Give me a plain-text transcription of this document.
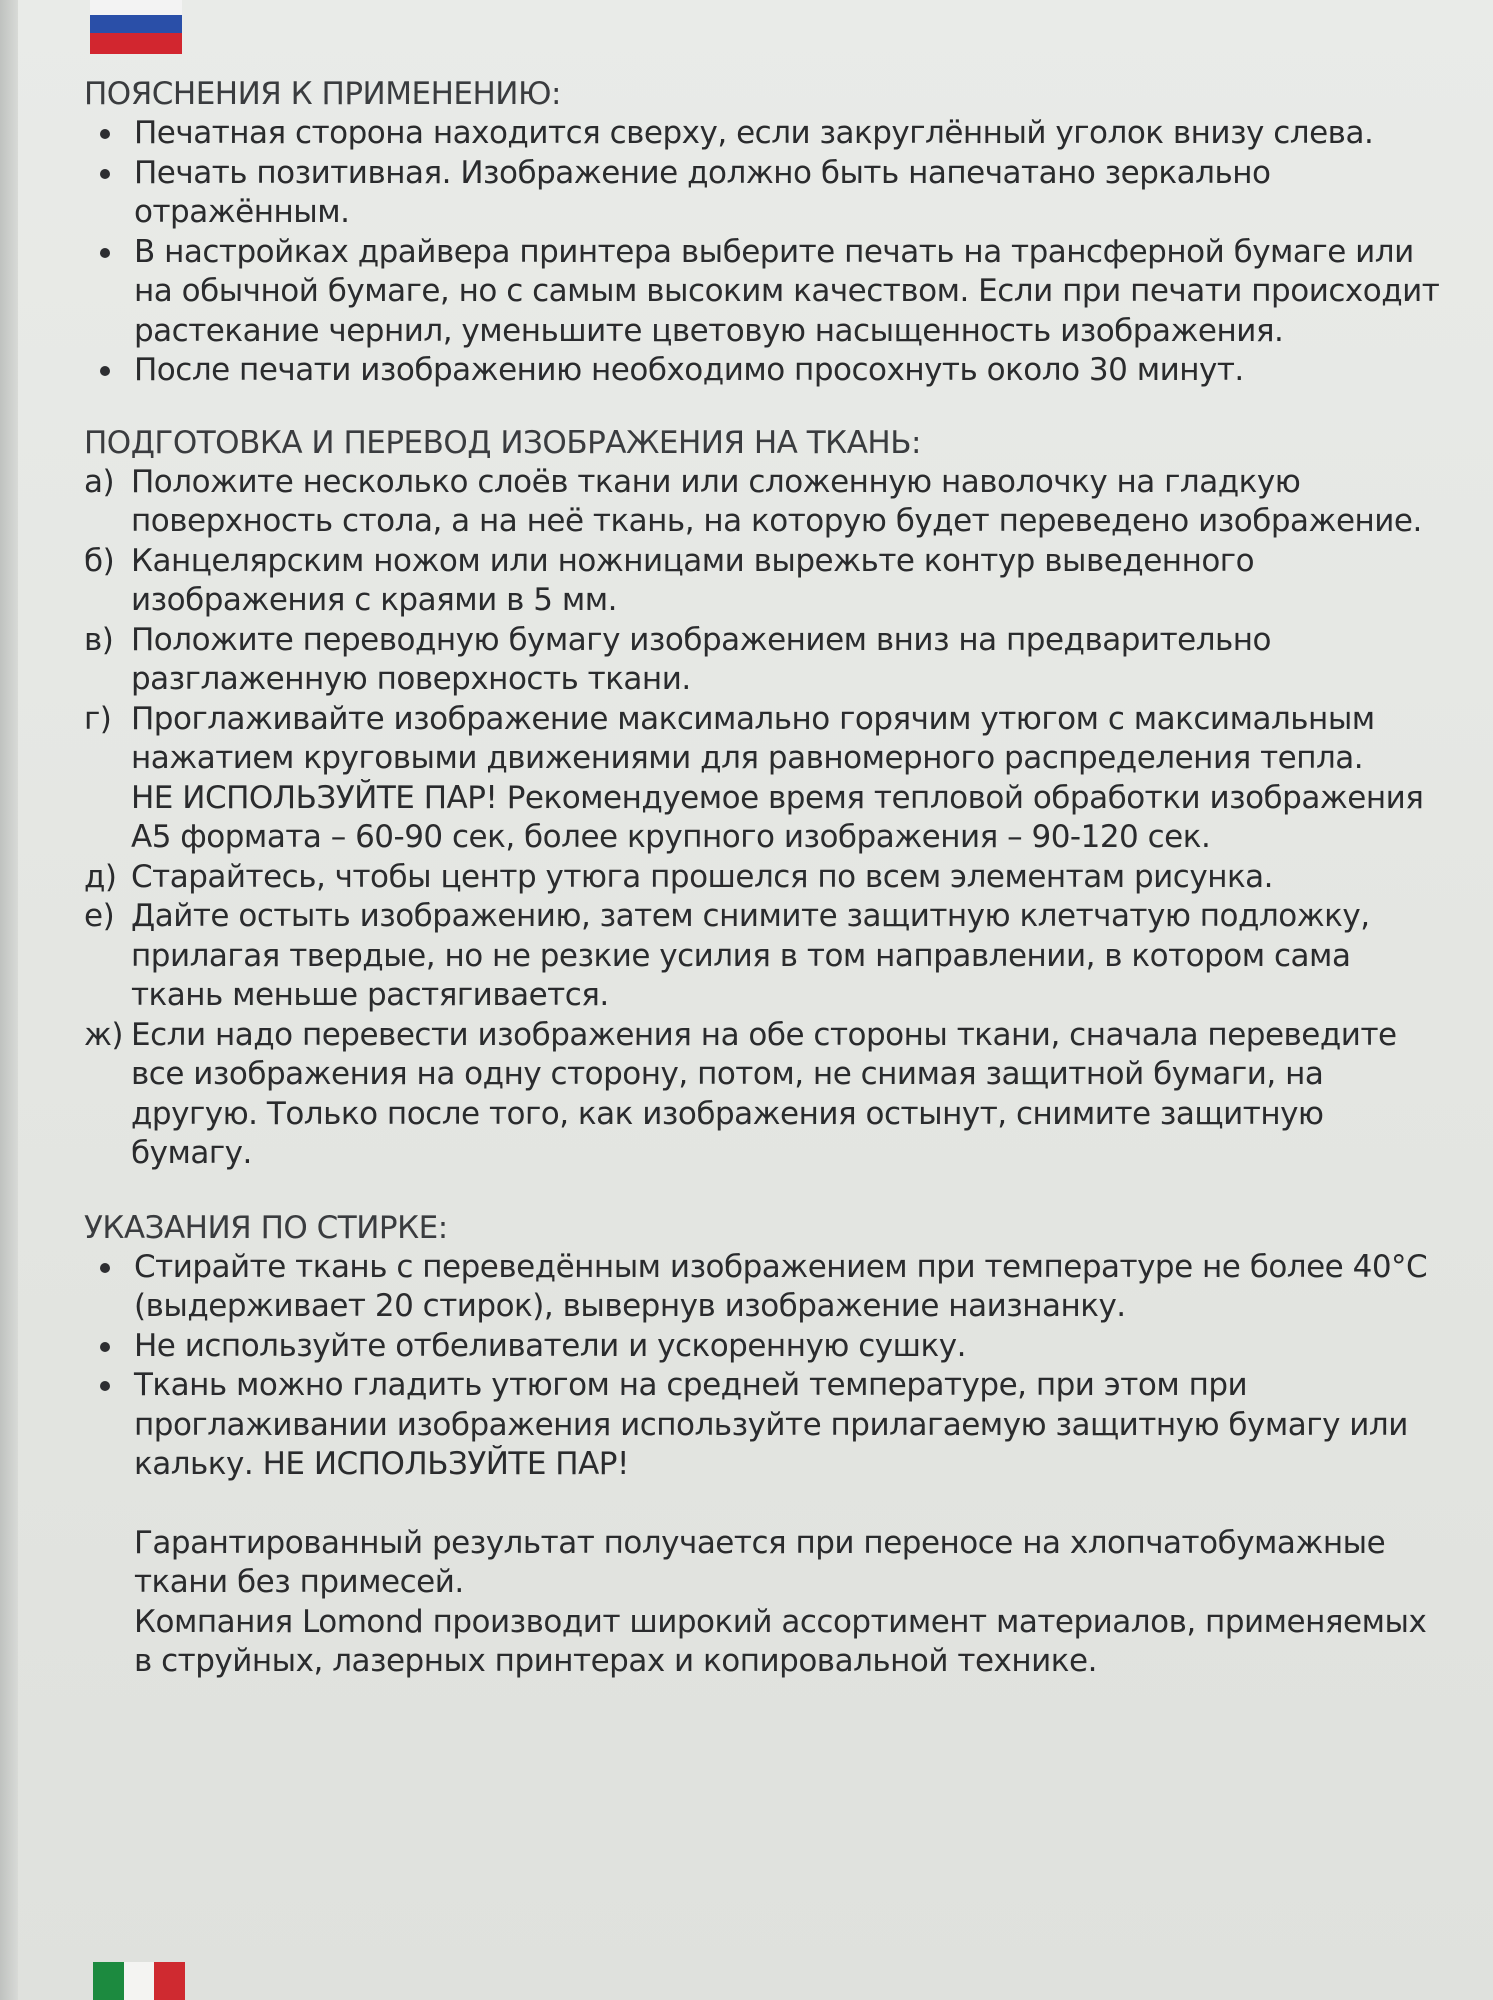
ПОЯСНЕНИЯ К ПРИМЕНЕНИЮ:
Печатная сторона находится сверху, если закруглённый уголок внизу слева.
Печать позитивная. Изображение должно быть напечатано зеркально отражённым.
В настройках драйвера принтера выберите печать на трансферной бумаге или на обычной бумаге, но с самым высоким качеством. Если при печати происходит растекание чернил, уменьшите цветовую насыщенность изображения.
После печати изображению необходимо просохнуть около 30 минут.
ПОДГОТОВКА И ПЕРЕВОД ИЗОБРАЖЕНИЯ НА ТКАНЬ:
а) Положите несколько слоёв ткани или сложенную наволочку на гладкую поверхность стола, а на неё ткань, на которую будет переведено изображение.
б) Канцелярским ножом или ножницами вырежьте контур выведенного изображения с краями в 5 мм.
в) Положите переводную бумагу изображением вниз на предварительно разглаженную поверхность ткани.
г) Проглаживайте изображение максимально горячим утюгом с максимальным нажатием круговыми движениями для равномерного распределения тепла.
НЕ ИСПОЛЬЗУЙТЕ ПАР! Рекомендуемое время тепловой обработки изображения А5 формата – 60-90 сек, более крупного изображения – 90-120 сек.
д) Старайтесь, чтобы центр утюга прошелся по всем элементам рисунка.
е) Дайте остыть изображению, затем снимите защитную клетчатую подложку, прилагая твердые, но не резкие усилия в том направлении, в котором сама ткань меньше растягивается.
ж) Если надо перевести изображения на обе стороны ткани, сначала переведите все изображения на одну сторону, потом, не снимая защитной бумаги, на другую. Только после того, как изображения остынут, снимите защитную бумагу.
УКАЗАНИЯ ПО СТИРКЕ:
Стирайте ткань с переведённым изображением при температуре не более 40°С (выдерживает 20 стирок), вывернув изображение наизнанку.
Не используйте отбеливатели и ускоренную сушку.
Ткань можно гладить утюгом на средней температуре, при этом при проглаживании изображения используйте прилагаемую защитную бумагу или кальку. НЕ ИСПОЛЬЗУЙТЕ ПАР!

Гарантированный результат получается при переносе на хлопчатобумажные ткани без примесей.

Компания Lomond производит широкий ассортимент материалов, применяемых в струйных, лазерных принтерах и копировальной технике.
